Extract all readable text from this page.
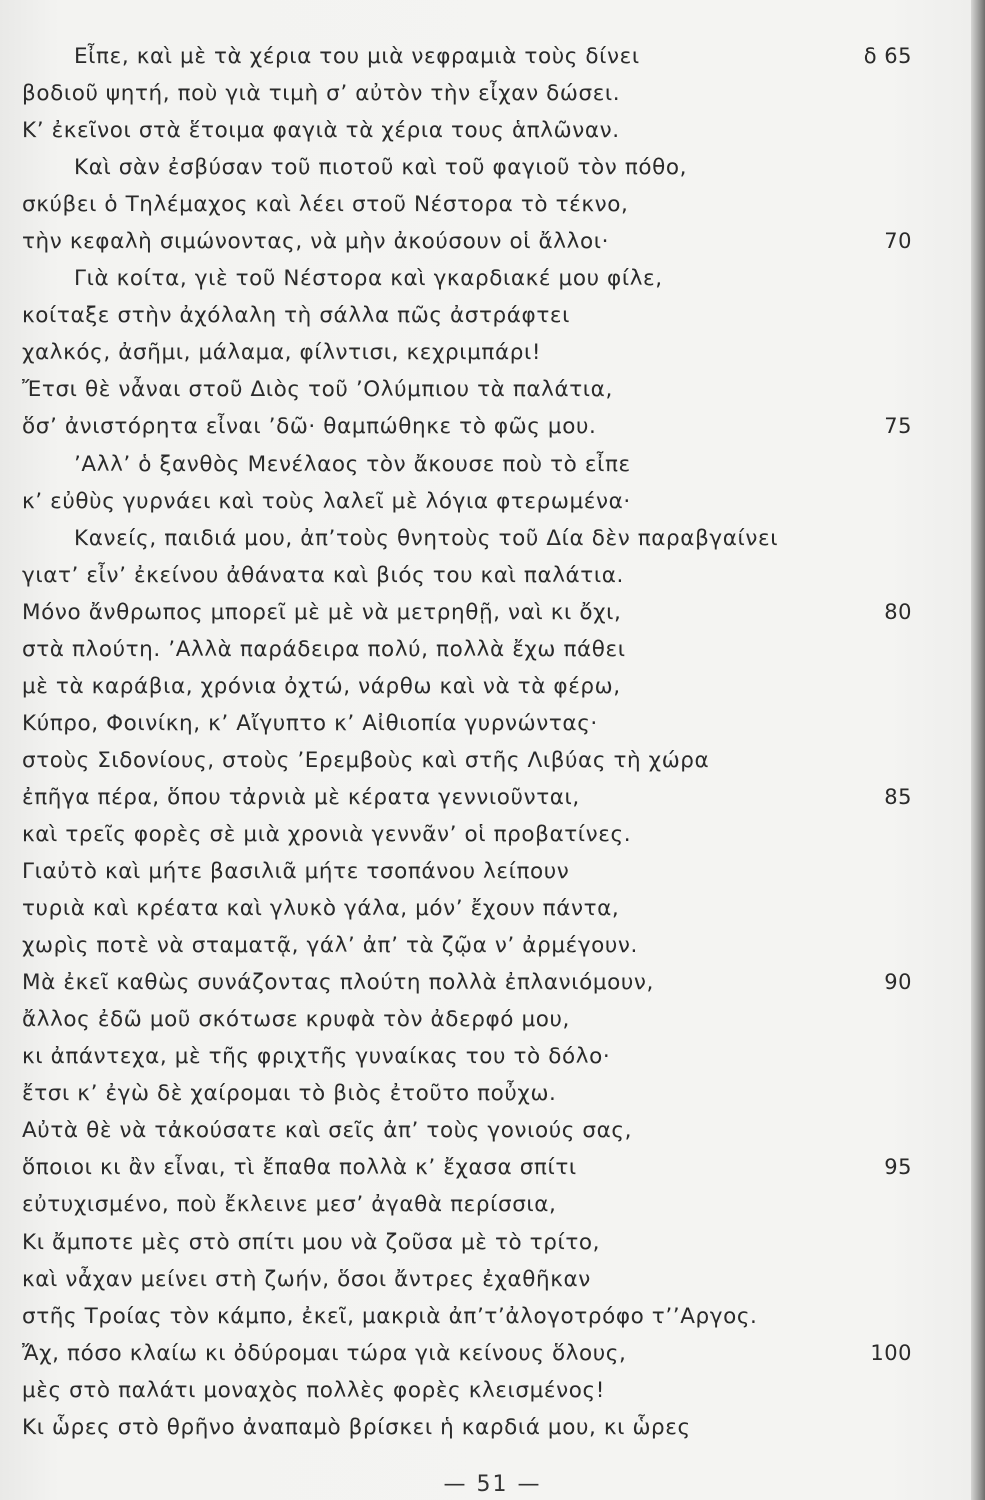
Εἶπε, καὶ μὲ τὰ χέρια του μιὰ νεφραμιὰ τοὺς δίνει	δ 65
βοδιοῦ ψητή, ποὺ γιὰ τιμὴ σ’ αὐτὸν τὴν εἶχαν δώσει.
Κ’ ἐκεῖνοι στὰ ἕτοιμα φαγιὰ τὰ χέρια τους ἁπλῶναν.
Καὶ σὰν ἐσβύσαν τοῦ πιοτοῦ καὶ τοῦ φαγιοῦ τὸν πόθο,
σκύβει ὁ Τηλέμαχος καὶ λέει στοῦ Νέστορα τὸ τέκνο,
τὴν κεφαλὴ σιμώνοντας, νὰ μὴν ἀκούσουν οἱ ἄλλοι·	70
Γιὰ κοίτα, γιὲ τοῦ Νέστορα καὶ γκαρδιακέ μου φίλε,
κοίταξε στὴν ἀχόλαλη τὴ σάλλα πῶς ἀστράφτει
χαλκός, ἀσῆμι, μάλαμα, φίλντισι, κεχριμπάρι!
Ἔτσι θὲ νἆναι στοῦ Διὸς τοῦ ’Ολύμπιου τὰ παλάτια,
ὅσ’ ἀνιστόρητα εἶναι ’δῶ· θαμπώθηκε τὸ φῶς μου.	75
’Αλλ’ ὁ ξανθὸς Μενέλαος τὸν ἄκουσε ποὺ τὸ εἶπε
κ’ εὐθὺς γυρνάει καὶ τοὺς λαλεῖ μὲ λόγια φτερωμένα·
Κανείς, παιδιά μου, ἀπ’τοὺς θνητοὺς τοῦ Δία δὲν παραβγαίνει
γιατ’ εἶν’ ἐκείνου ἀθάνατα καὶ βιός του καὶ παλάτια.
Μόνο ἄνθρωπος μπορεῖ μὲ μὲ νὰ μετρηθῇ, ναὶ κι ὄχι,	80
στὰ πλούτη. ’Αλλὰ παράδειρα πολύ, πολλὰ ἔχω πάθει
μὲ τὰ καράβια, χρόνια ὀχτώ, νάρθω καὶ νὰ τὰ φέρω,
Κύπρο, Φοινίκη, κ’ Αἴγυπτο κ’ Αἰθιοπία γυρνώντας·
στοὺς Σιδονίους, στοὺς ’Ερεμβοὺς καὶ στῆς Λιβύας τὴ χώρα
ἐπῆγα πέρα, ὅπου τἀρνιὰ μὲ κέρατα γεννιοῦνται,	85
καὶ τρεῖς φορὲς σὲ μιὰ χρονιὰ γεννᾶν’ οἱ προβατίνες.
Γιαὐτὸ καὶ μήτε βασιλιᾶ μήτε τσοπάνου λείπουν
τυριὰ καὶ κρέατα καὶ γλυκὸ γάλα, μόν’ ἔχουν πάντα,
χωρὶς ποτὲ νὰ σταματᾷ, γάλ’ ἀπ’ τὰ ζῷα ν’ ἀρμέγουν.
Μὰ ἐκεῖ καθὼς συνάζοντας πλούτη πολλὰ ἐπλανιόμουν,	90
ἄλλος ἐδῶ μοῦ σκότωσε κρυφὰ τὸν ἀδερφό μου,
κι ἀπάντεχα, μὲ τῆς φριχτῆς γυναίκας του τὸ δόλο·
ἔτσι κ’ ἐγὼ δὲ χαίρομαι τὸ βιὸς ἐτοῦτο ποὖχω.
Αὐτὰ θὲ νὰ τἀκούσατε καὶ σεῖς ἀπ’ τοὺς γονιούς σας,
ὅποιοι κι ἂν εἶναι, τὶ ἔπαθα πολλὰ κ’ ἔχασα σπίτι	95
εὐτυχισμένο, ποὺ ἔκλεινε μεσ’ ἀγαθὰ περίσσια,
Κι ἄμποτε μὲς στὸ σπίτι μου νὰ ζοῦσα μὲ τὸ τρίτο,
καὶ νἆχαν μείνει στὴ ζωήν, ὅσοι ἄντρες ἐχαθῆκαν
στῆς Τροίας τὸν κάμπο, ἐκεῖ, μακριὰ ἀπ’τ’ἀλογοτρόφο τ’’Αργος.
Ἄχ, πόσο κλαίω κι ὀδύρομαι τώρα γιὰ κείνους ὅλους,	100
μὲς στὸ παλάτι μοναχὸς πολλὲς φορὲς κλεισμένος!
Κι ὧρες στὸ θρῆνο ἀναπαμὸ βρίσκει ἡ καρδιά μου, κι ὧρες
— 51 —
